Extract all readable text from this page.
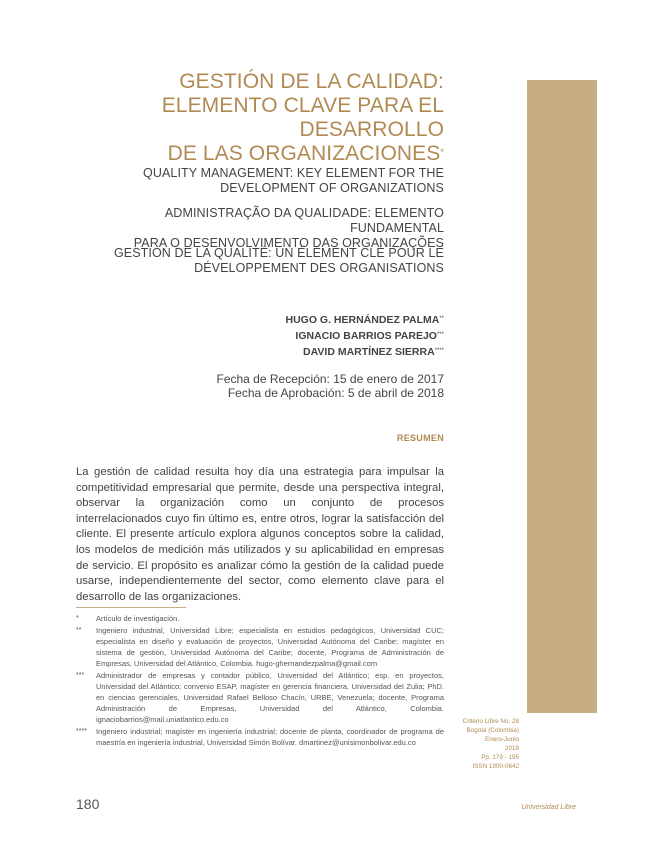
GESTIÓN DE LA CALIDAD:
ELEMENTO CLAVE PARA EL DESARROLLO
DE LAS ORGANIZACIONES*
QUALITY MANAGEMENT: KEY ELEMENT FOR THE
DEVELOPMENT OF ORGANIZATIONS
ADMINISTRAÇÃO DA QUALIDADE: ELEMENTO FUNDAMENTAL
PARA O DESENVOLVIMENTO DAS ORGANIZAÇÕES
GESTION DE LA QUALITÉ: UN ÉLÉMENT CLÉ POUR LE
DÉVELOPPEMENT DES ORGANISATIONS
HUGO G. HERNÁNDEZ PALMA**
IGNACIO BARRIOS PAREJO***
DAVID MARTÍNEZ SIERRA****
Fecha de Recepción: 15 de enero de 2017
Fecha de Aprobación: 5 de abril de 2018
RESUMEN
La gestión de calidad resulta hoy día una estrategia para impulsar la competitividad empresarial que permite, desde una perspectiva integral, observar la organización como un conjunto de procesos interrelacionados cuyo fin último es, entre otros, lograr la satisfacción del cliente. El presente artículo explora algunos conceptos sobre la calidad, los modelos de medición más utilizados y su aplicabilidad en empresas de servicio. El propósito es analizar cómo la gestión de la calidad puede usarse, independientemente del sector, como elemento clave para el desarrollo de las organizaciones.
* Artículo de investigación.
** Ingeniero industrial, Universidad Libre; especialista en estudios pedagógicos, Universidad CUC; especialista en diseño y evaluación de proyectos, Universidad Autónoma del Caribe; magíster en sistema de gestión, Universidad Autónoma del Caribe; docente, Programa de Administración de Empresas, Universidad del Atlántico, Colombia. hugo-ghernandezpalma@gmail.com
*** Administrador de empresas y contador público, Universidad del Atlántico; esp. en proyectos, Universidad del Atlántico; convenio ESAP, magíster en gerencia financiera, Universidad del Zulia; PhD. en ciencias gerenciales, Universidad Rafael Belloso Chacín, URBE, Venezuela; docente, Programa Administración de Empresas, Universidad del Atlántico, Colombia. ignaciobarrios@mail.uniatlantico.edu.co
**** Ingeniero industrial; magíster en ingeniería industrial; docente de planta, coordinador de programa de maestría en ingeniería industrial, Universidad Simón Bolívar. dmartinez@unisimonbolivar.edu.co
Criterio Libre No. 28
Bogotá (Colombia)
Enero-Junio
2018
Pp. 179 - 195
ISSN 1900-0642
180	Universidad Libre
